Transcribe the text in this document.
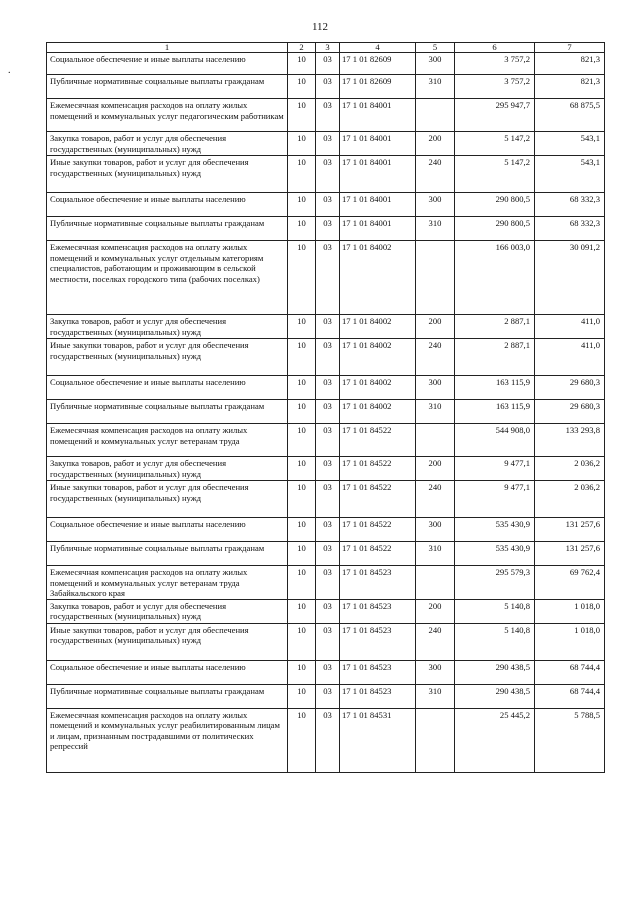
112
.
1	2	3	4	5	6	7
Социальное обеспечение и иные выплаты населению	10	03	17 1 01 82609	300	3 757,2	821,3
Публичные нормативные социальные выплаты гражданам	10	03	17 1 01 82609	310	3 757,2	821,3
Ежемесячная компенсация расходов на оплату жилых помещений и коммунальных услуг педагогическим работникам	10	03	17 1 01 84001		295 947,7	68 875,5
Закупка товаров, работ и услуг для обеспечения государственных (муниципальных) нужд	10	03	17 1 01 84001	200	5 147,2	543,1
Иные закупки товаров, работ и услуг для обеспечения государственных (муниципальных) нужд	10	03	17 1 01 84001	240	5 147,2	543,1
Социальное обеспечение и иные выплаты населению	10	03	17 1 01 84001	300	290 800,5	68 332,3
Публичные нормативные социальные выплаты гражданам	10	03	17 1 01 84001	310	290 800,5	68 332,3
Ежемесячная компенсация расходов на оплату жилых помещений и коммунальных услуг отдельным категориям специалистов, работающим и проживающим в сельской местности, поселках городского типа (рабочих поселках)	10	03	17 1 01 84002		166 003,0	30 091,2
Закупка товаров, работ и услуг для обеспечения государственных (муниципальных) нужд	10	03	17 1 01 84002	200	2 887,1	411,0
Иные закупки товаров, работ и услуг для обеспечения государственных (муниципальных) нужд	10	03	17 1 01 84002	240	2 887,1	411,0
Социальное обеспечение и иные выплаты населению	10	03	17 1 01 84002	300	163 115,9	29 680,3
Публичные нормативные социальные выплаты гражданам	10	03	17 1 01 84002	310	163 115,9	29 680,3
Ежемесячная компенсация расходов на оплату жилых помещений и коммунальных услуг ветеранам труда	10	03	17 1 01 84522		544 908,0	133 293,8
Закупка товаров, работ и услуг для обеспечения государственных (муниципальных) нужд	10	03	17 1 01 84522	200	9 477,1	2 036,2
Иные закупки товаров, работ и услуг для обеспечения государственных (муниципальных) нужд	10	03	17 1 01 84522	240	9 477,1	2 036,2
Социальное обеспечение и иные выплаты населению	10	03	17 1 01 84522	300	535 430,9	131 257,6
Публичные нормативные социальные выплаты гражданам	10	03	17 1 01 84522	310	535 430,9	131 257,6
Ежемесячная компенсация расходов на оплату жилых помещений и коммунальных услуг ветеранам труда Забайкальского края	10	03	17 1 01 84523		295 579,3	69 762,4
Закупка товаров, работ и услуг для обеспечения государственных (муниципальных) нужд	10	03	17 1 01 84523	200	5 140,8	1 018,0
Иные закупки товаров, работ и услуг для обеспечения государственных (муниципальных) нужд	10	03	17 1 01 84523	240	5 140,8	1 018,0
Социальное обеспечение и иные выплаты населению	10	03	17 1 01 84523	300	290 438,5	68 744,4
Публичные нормативные социальные выплаты гражданам	10	03	17 1 01 84523	310	290 438,5	68 744,4
Ежемесячная компенсация расходов на оплату жилых помещений и коммунальных услуг реабилитированным лицам и лицам, признанным пострадавшими от политических репрессий	10	03	17 1 01 84531		25 445,2	5 788,5
